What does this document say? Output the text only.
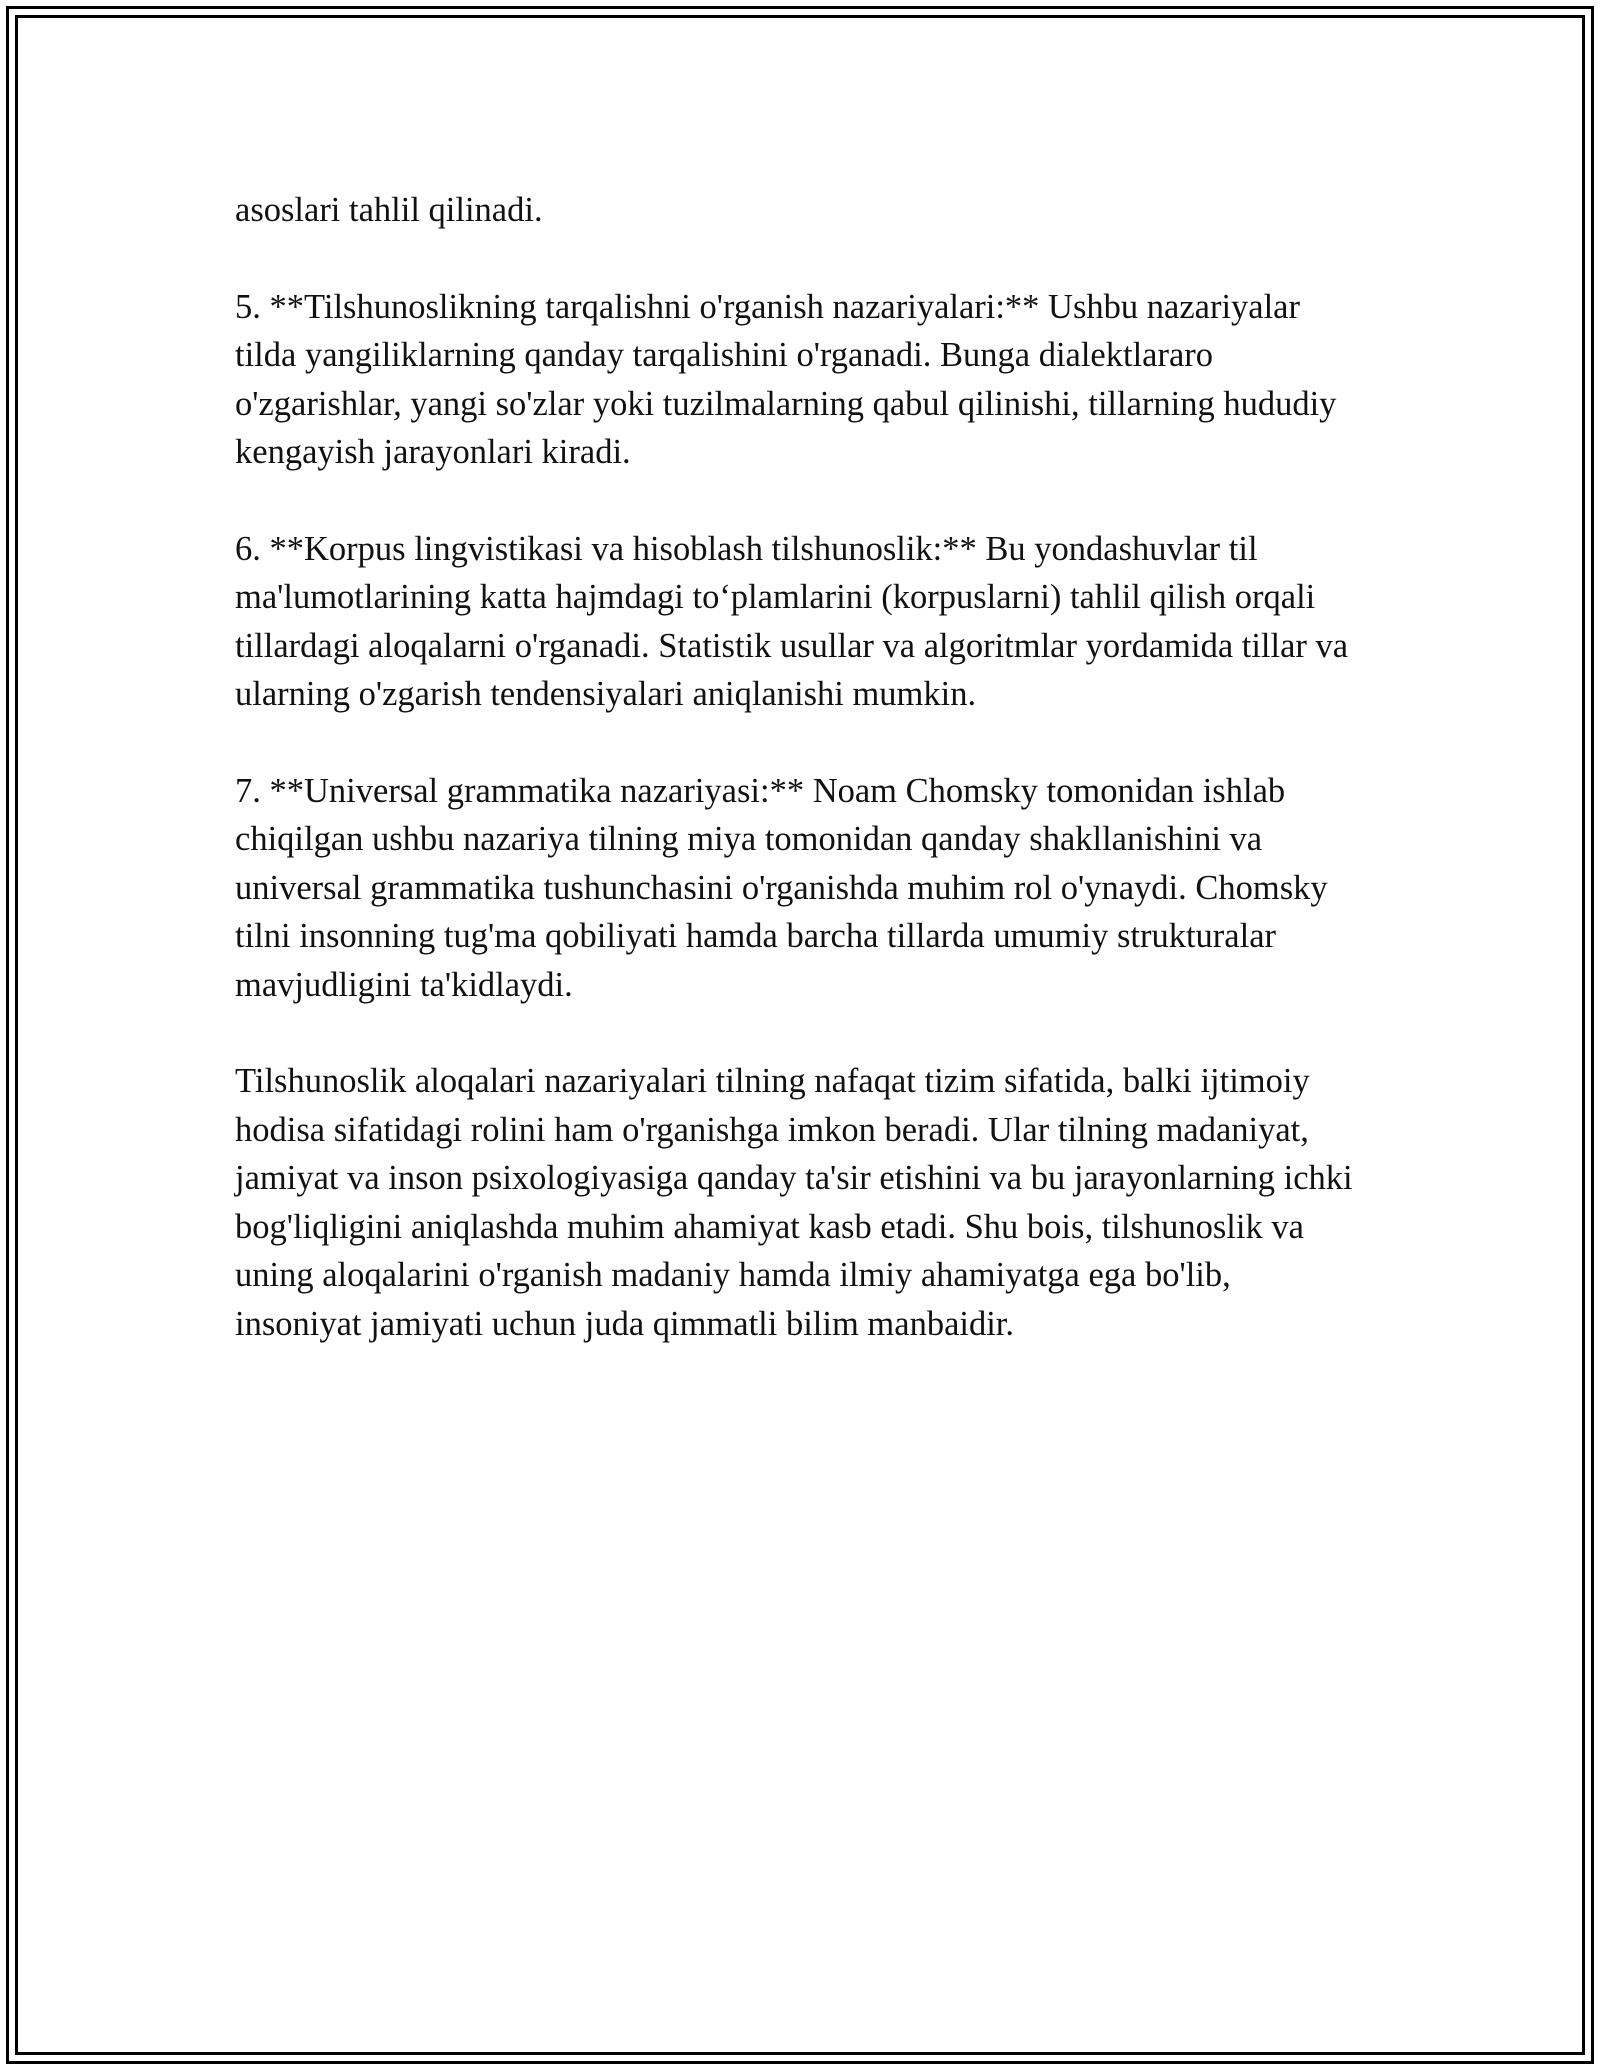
asoslari tahlil qilinadi.

5. **Tilshunoslikning tarqalishni o'rganish nazariyalari:** Ushbu nazariyalar tilda yangiliklarning qanday tarqalishini o'rganadi. Bunga dialektlararo o'zgarishlar, yangi so'zlar yoki tuzilmalarning qabul qilinishi, tillarning hududiy kengayish jarayonlari kiradi.

6. **Korpus lingvistikasi va hisoblash tilshunoslik:** Bu yondashuvlar til ma'lumotlarining katta hajmdagi to‘plamlarini (korpuslarni) tahlil qilish orqali tillardagi aloqalarni o'rganadi. Statistik usullar va algoritmlar yordamida tillar va ularning o'zgarish tendensiyalari aniqlanishi mumkin.

7. **Universal grammatika nazariyasi:** Noam Chomsky tomonidan ishlab chiqilgan ushbu nazariya tilning miya tomonidan qanday shakllanishini va universal grammatika tushunchasini o'rganishda muhim rol o'ynaydi. Chomsky tilni insonning tug'ma qobiliyati hamda barcha tillarda umumiy strukturalar mavjudligini ta'kidlaydi.

Tilshunoslik aloqalari nazariyalari tilning nafaqat tizim sifatida, balki ijtimoiy hodisa sifatidagi rolini ham o'rganishga imkon beradi. Ular tilning madaniyat, jamiyat va inson psixologiyasiga qanday ta'sir etishini va bu jarayonlarning ichki bog'liqligini aniqlashda muhim ahamiyat kasb etadi. Shu bois, tilshunoslik va uning aloqalarini o'rganish madaniy hamda ilmiy ahamiyatga ega bo'lib, insoniyat jamiyati uchun juda qimmatli bilim manbaidir.
